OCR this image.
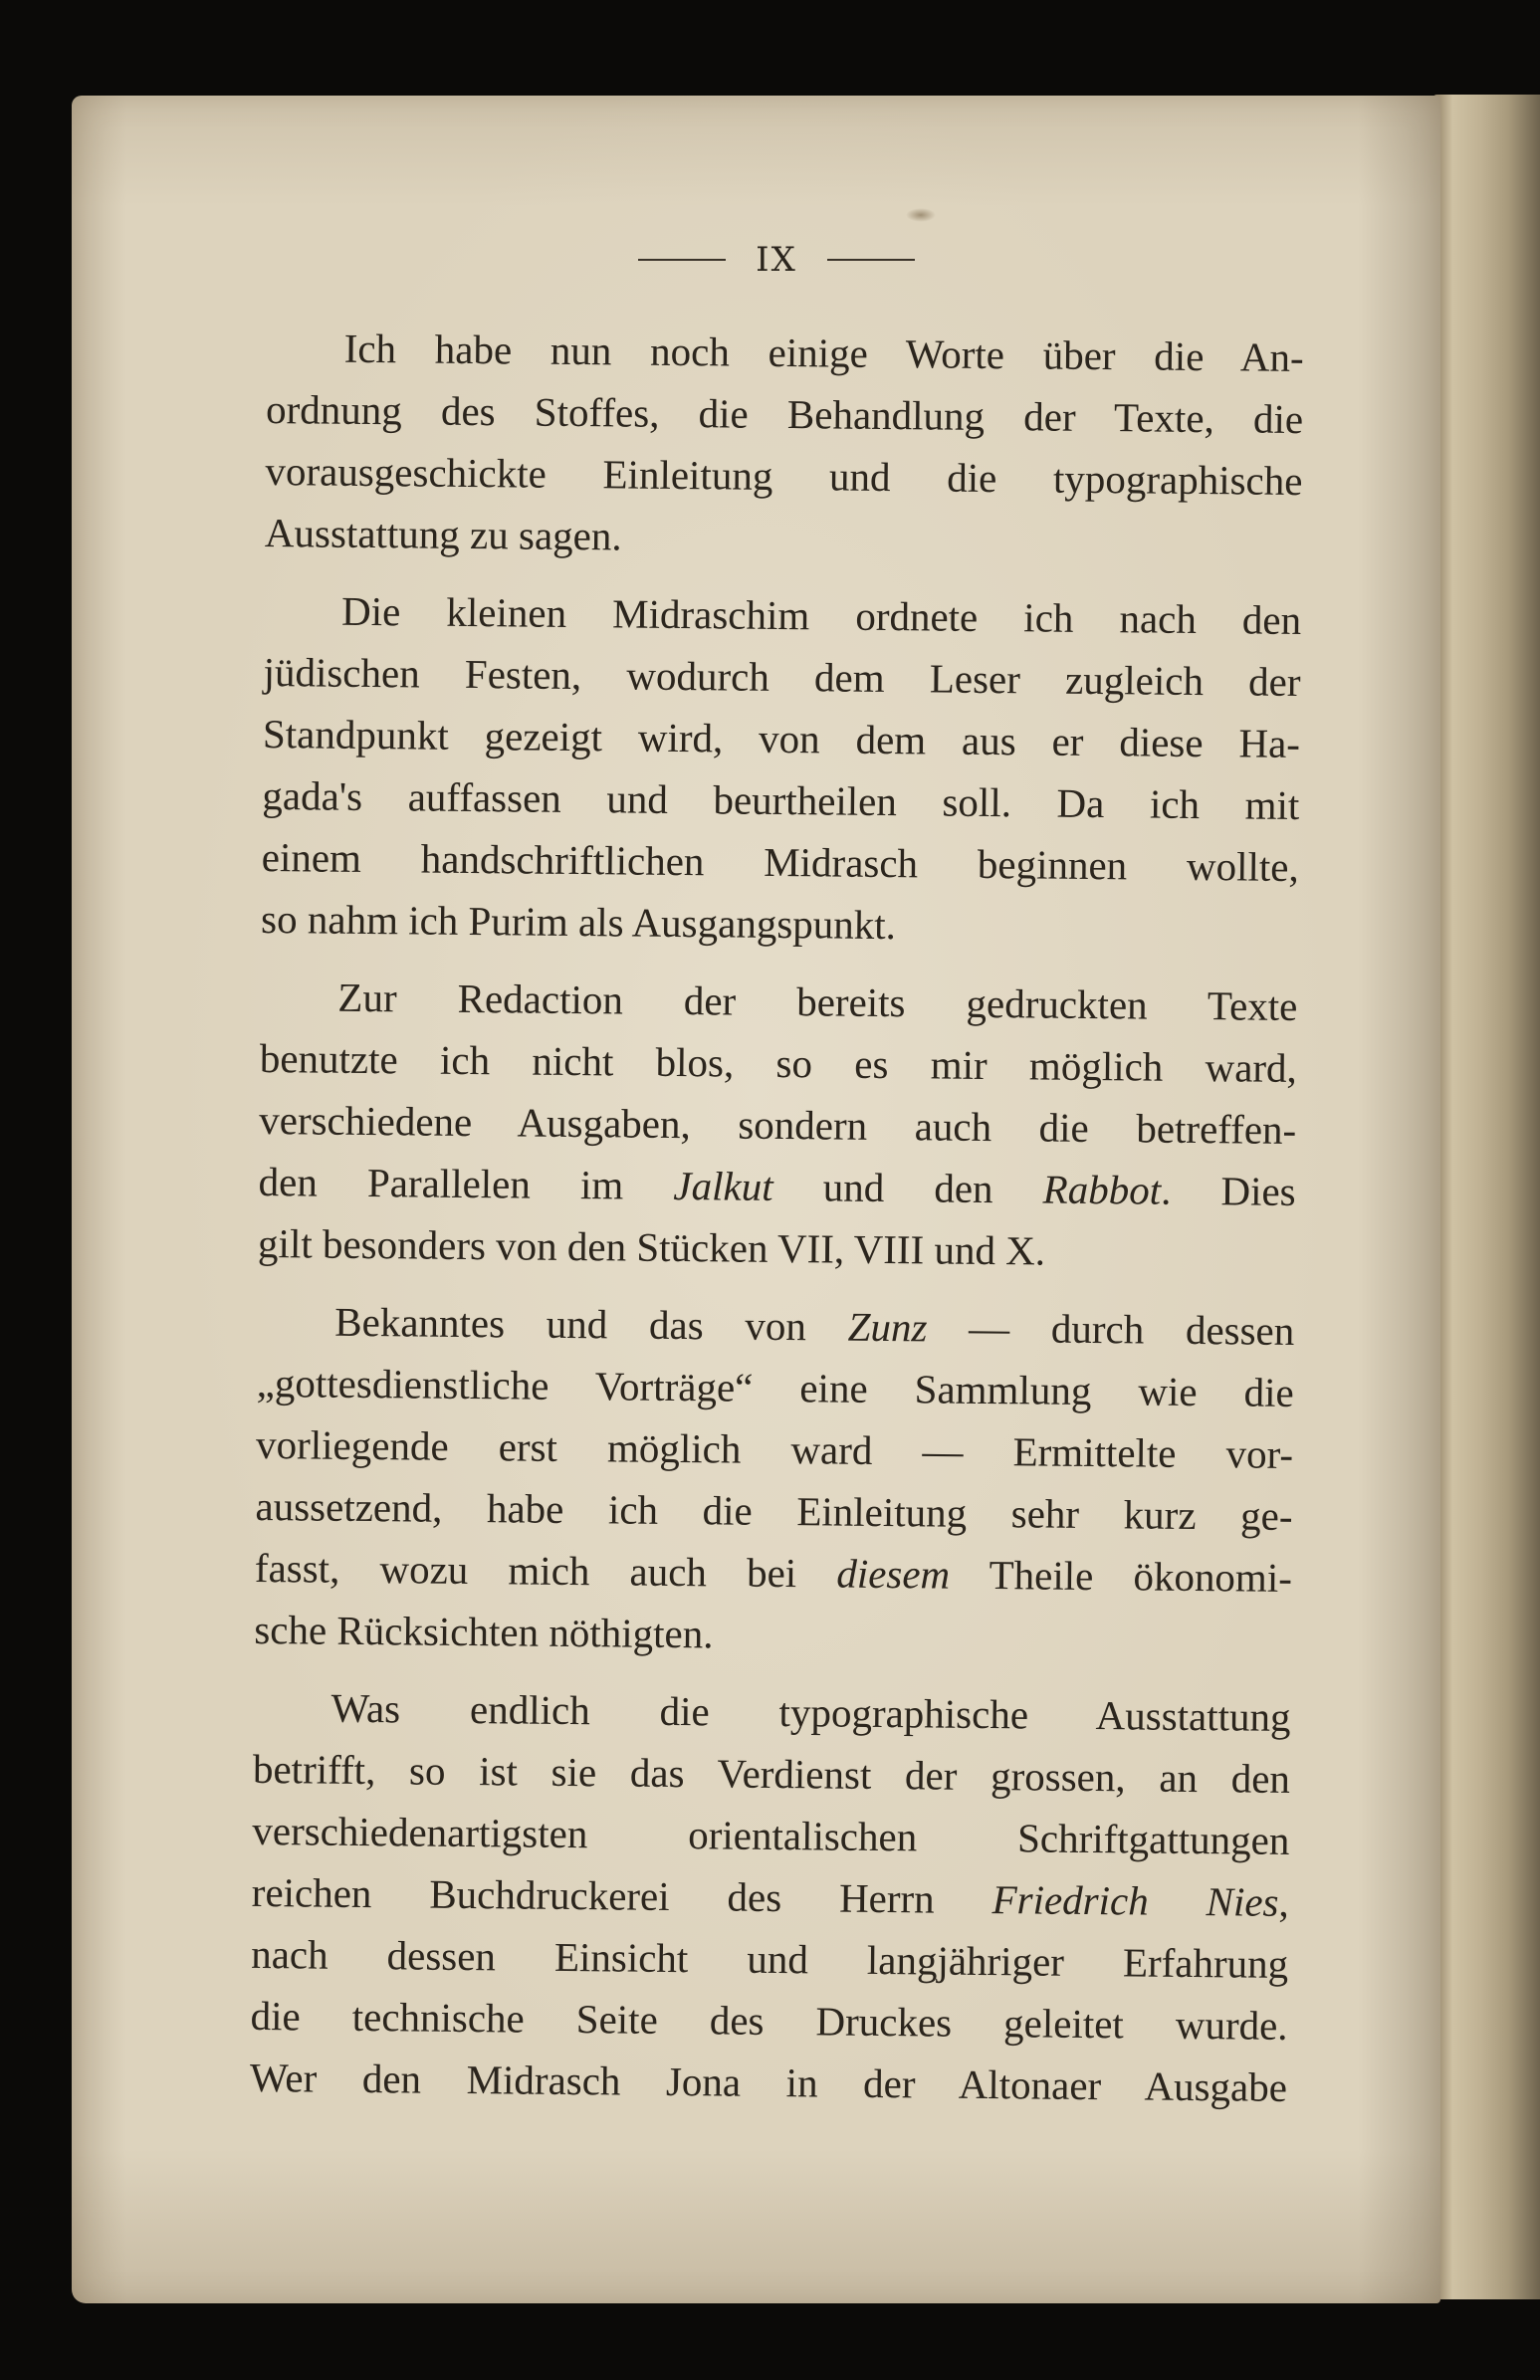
IX

Ich habe nun noch einige Worte über die An-
ordnung des Stoffes, die Behandlung der Texte, die
vorausgeschickte Einleitung und die typographische
Ausstattung zu sagen.

Die kleinen Midraschim ordnete ich nach den
jüdischen Festen, wodurch dem Leser zugleich der
Standpunkt gezeigt wird, von dem aus er diese Ha-
gada's auffassen und beurtheilen soll. Da ich mit
einem handschriftlichen Midrasch beginnen wollte,
so nahm ich Purim als Ausgangspunkt.

Zur Redaction der bereits gedruckten Texte
benutzte ich nicht blos, so es mir möglich ward,
verschiedene Ausgaben, sondern auch die betreffen-
den Parallelen im Jalkut und den Rabbot. Dies
gilt besonders von den Stücken VII, VIII und X.

Bekanntes und das von Zunz — durch dessen
„gottesdienstliche Vorträge“ eine Sammlung wie die
vorliegende erst möglich ward — Ermittelte vor-
aussetzend, habe ich die Einleitung sehr kurz ge-
fasst, wozu mich auch bei diesem Theile ökonomi-
sche Rücksichten nöthigten.

Was endlich die typographische Ausstattung
betrifft, so ist sie das Verdienst der grossen, an den
verschiedenartigsten orientalischen Schriftgattungen
reichen Buchdruckerei des Herrn Friedrich Nies,
nach dessen Einsicht und langjähriger Erfahrung
die technische Seite des Druckes geleitet wurde.
Wer den Midrasch Jona in der Altonaer Ausgabe
